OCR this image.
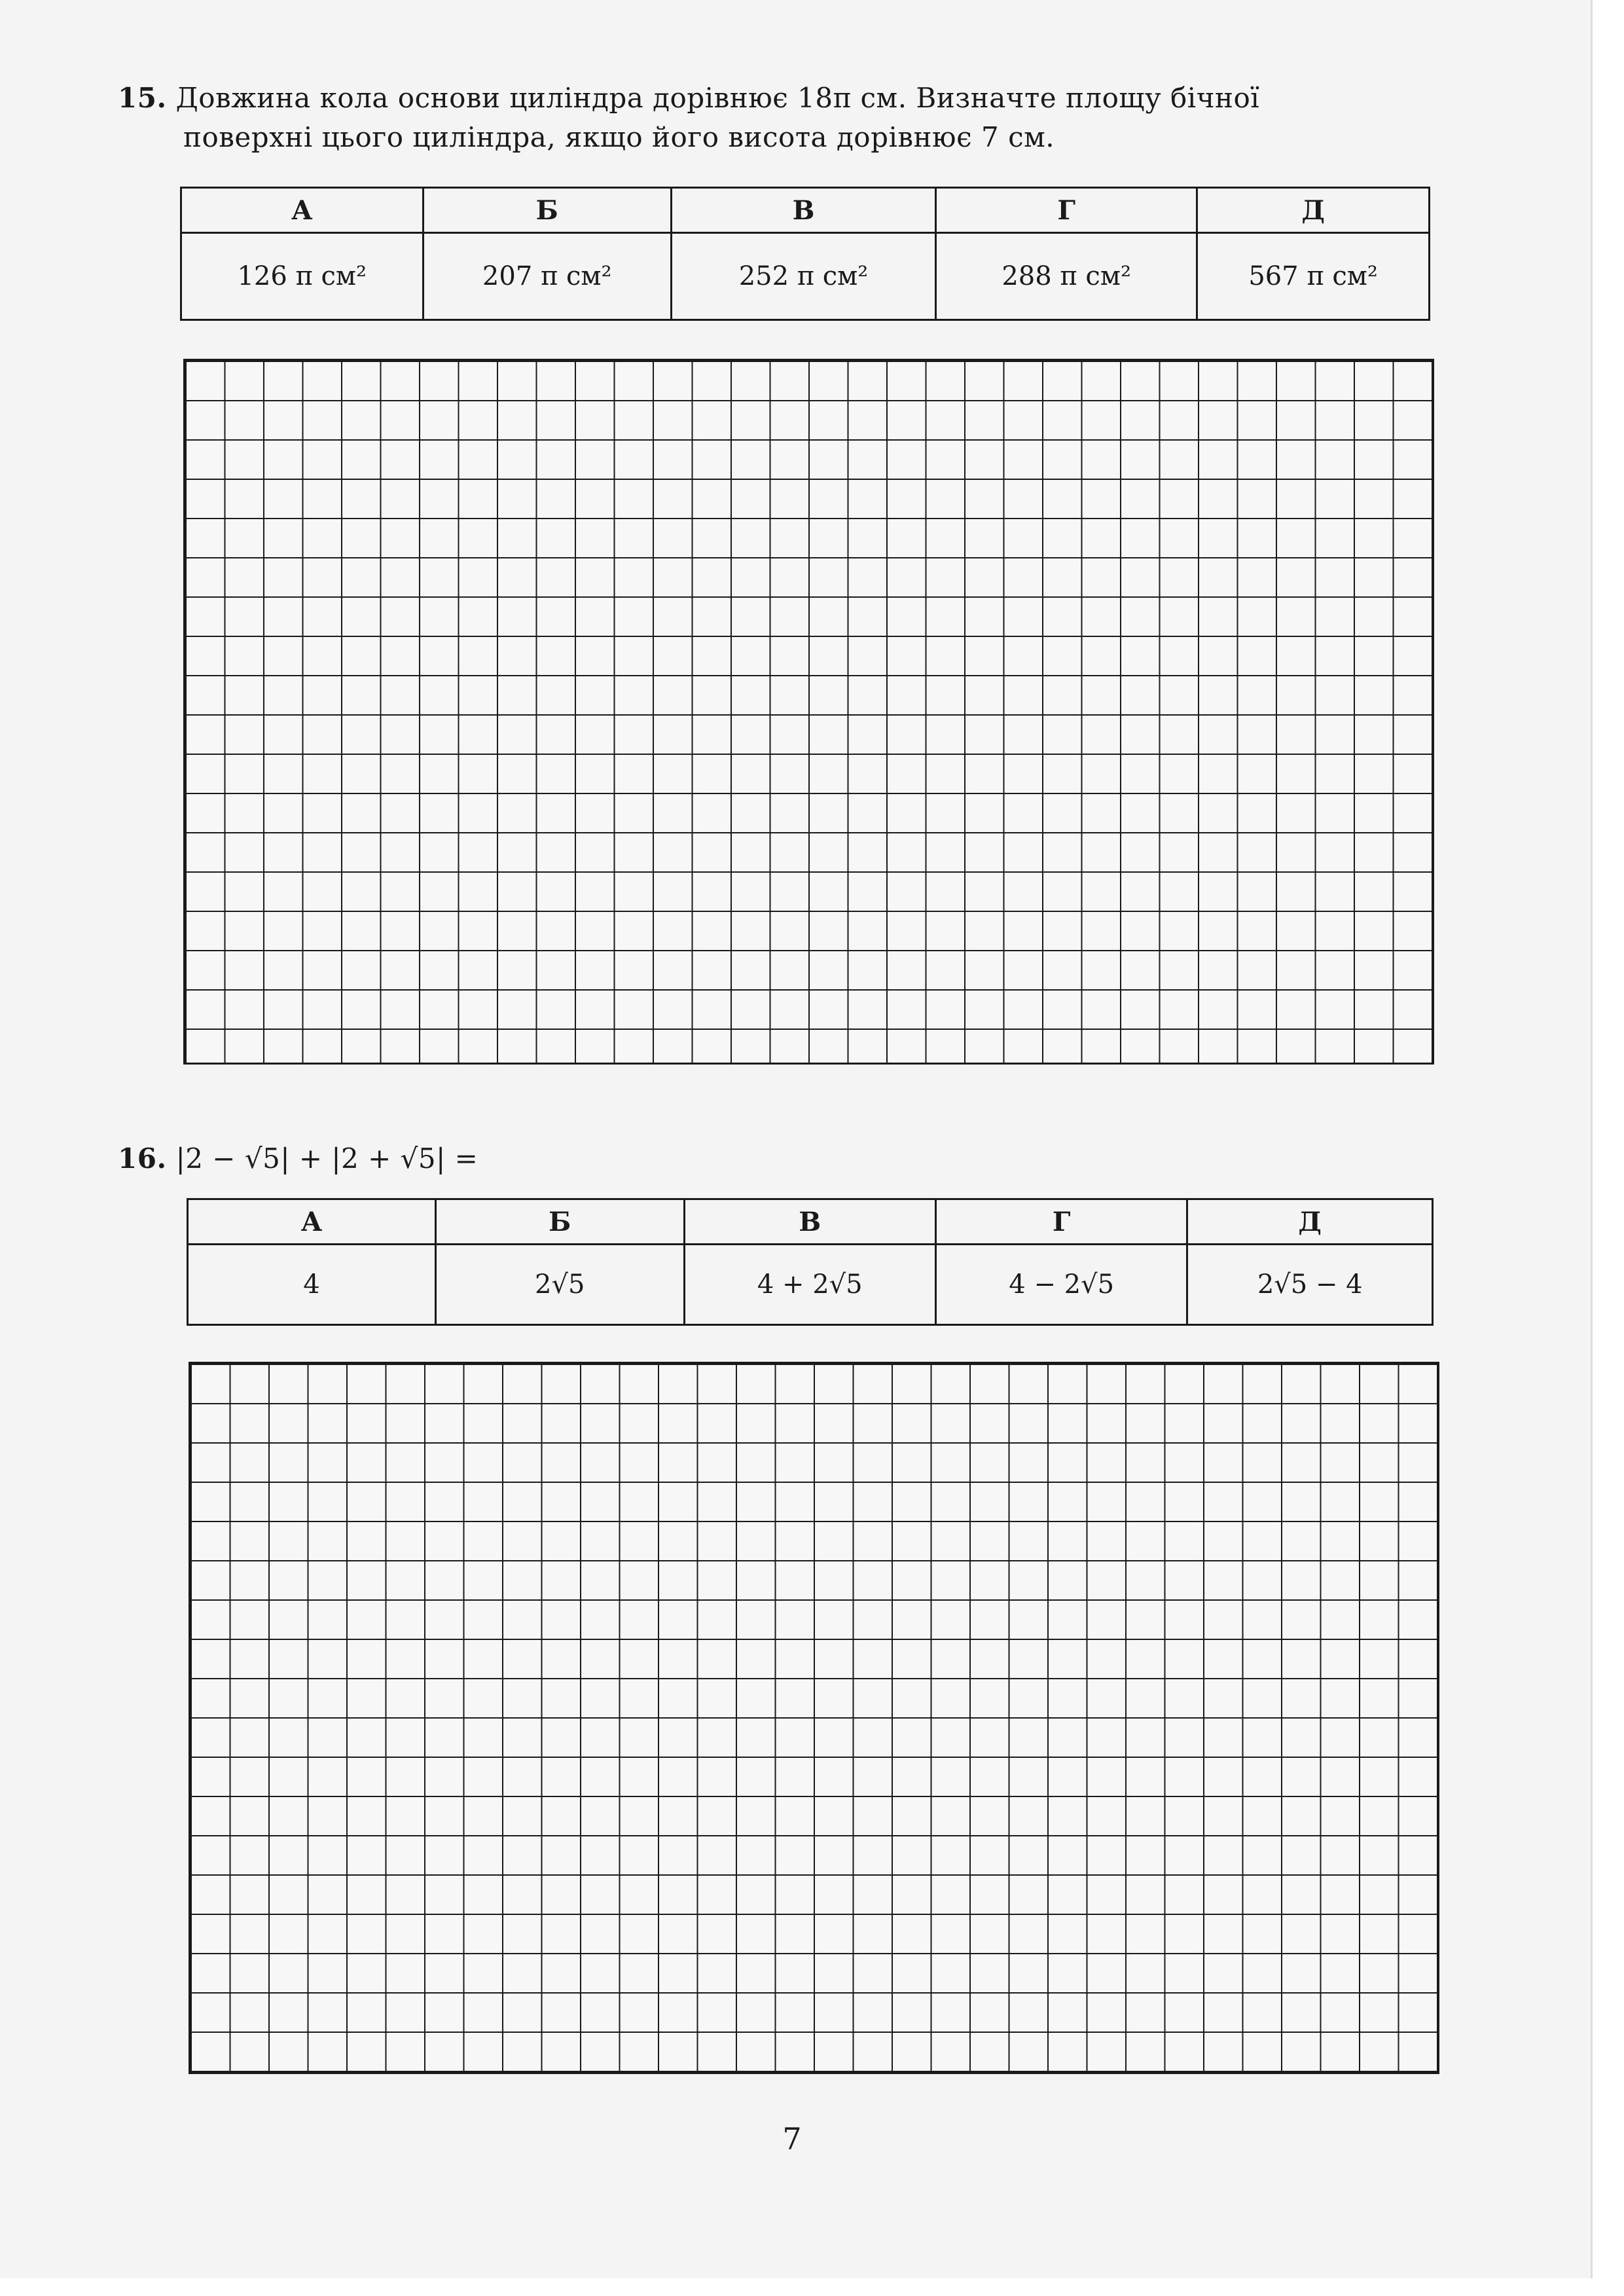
15. Довжина кола основи циліндра дорівнює 18π см. Визначте площу бічної
поверхні цього циліндра, якщо його висота дорівнює 7 см.
А	Б	В	Г	Д
126 π см²	207 π см²	252 π см²	288 π см²	567 π см²
16. |2 − √5| + |2 + √5| =
А	Б	В	Г	Д
4	2√5	4 + 2√5	4 − 2√5	2√5 − 4
7
